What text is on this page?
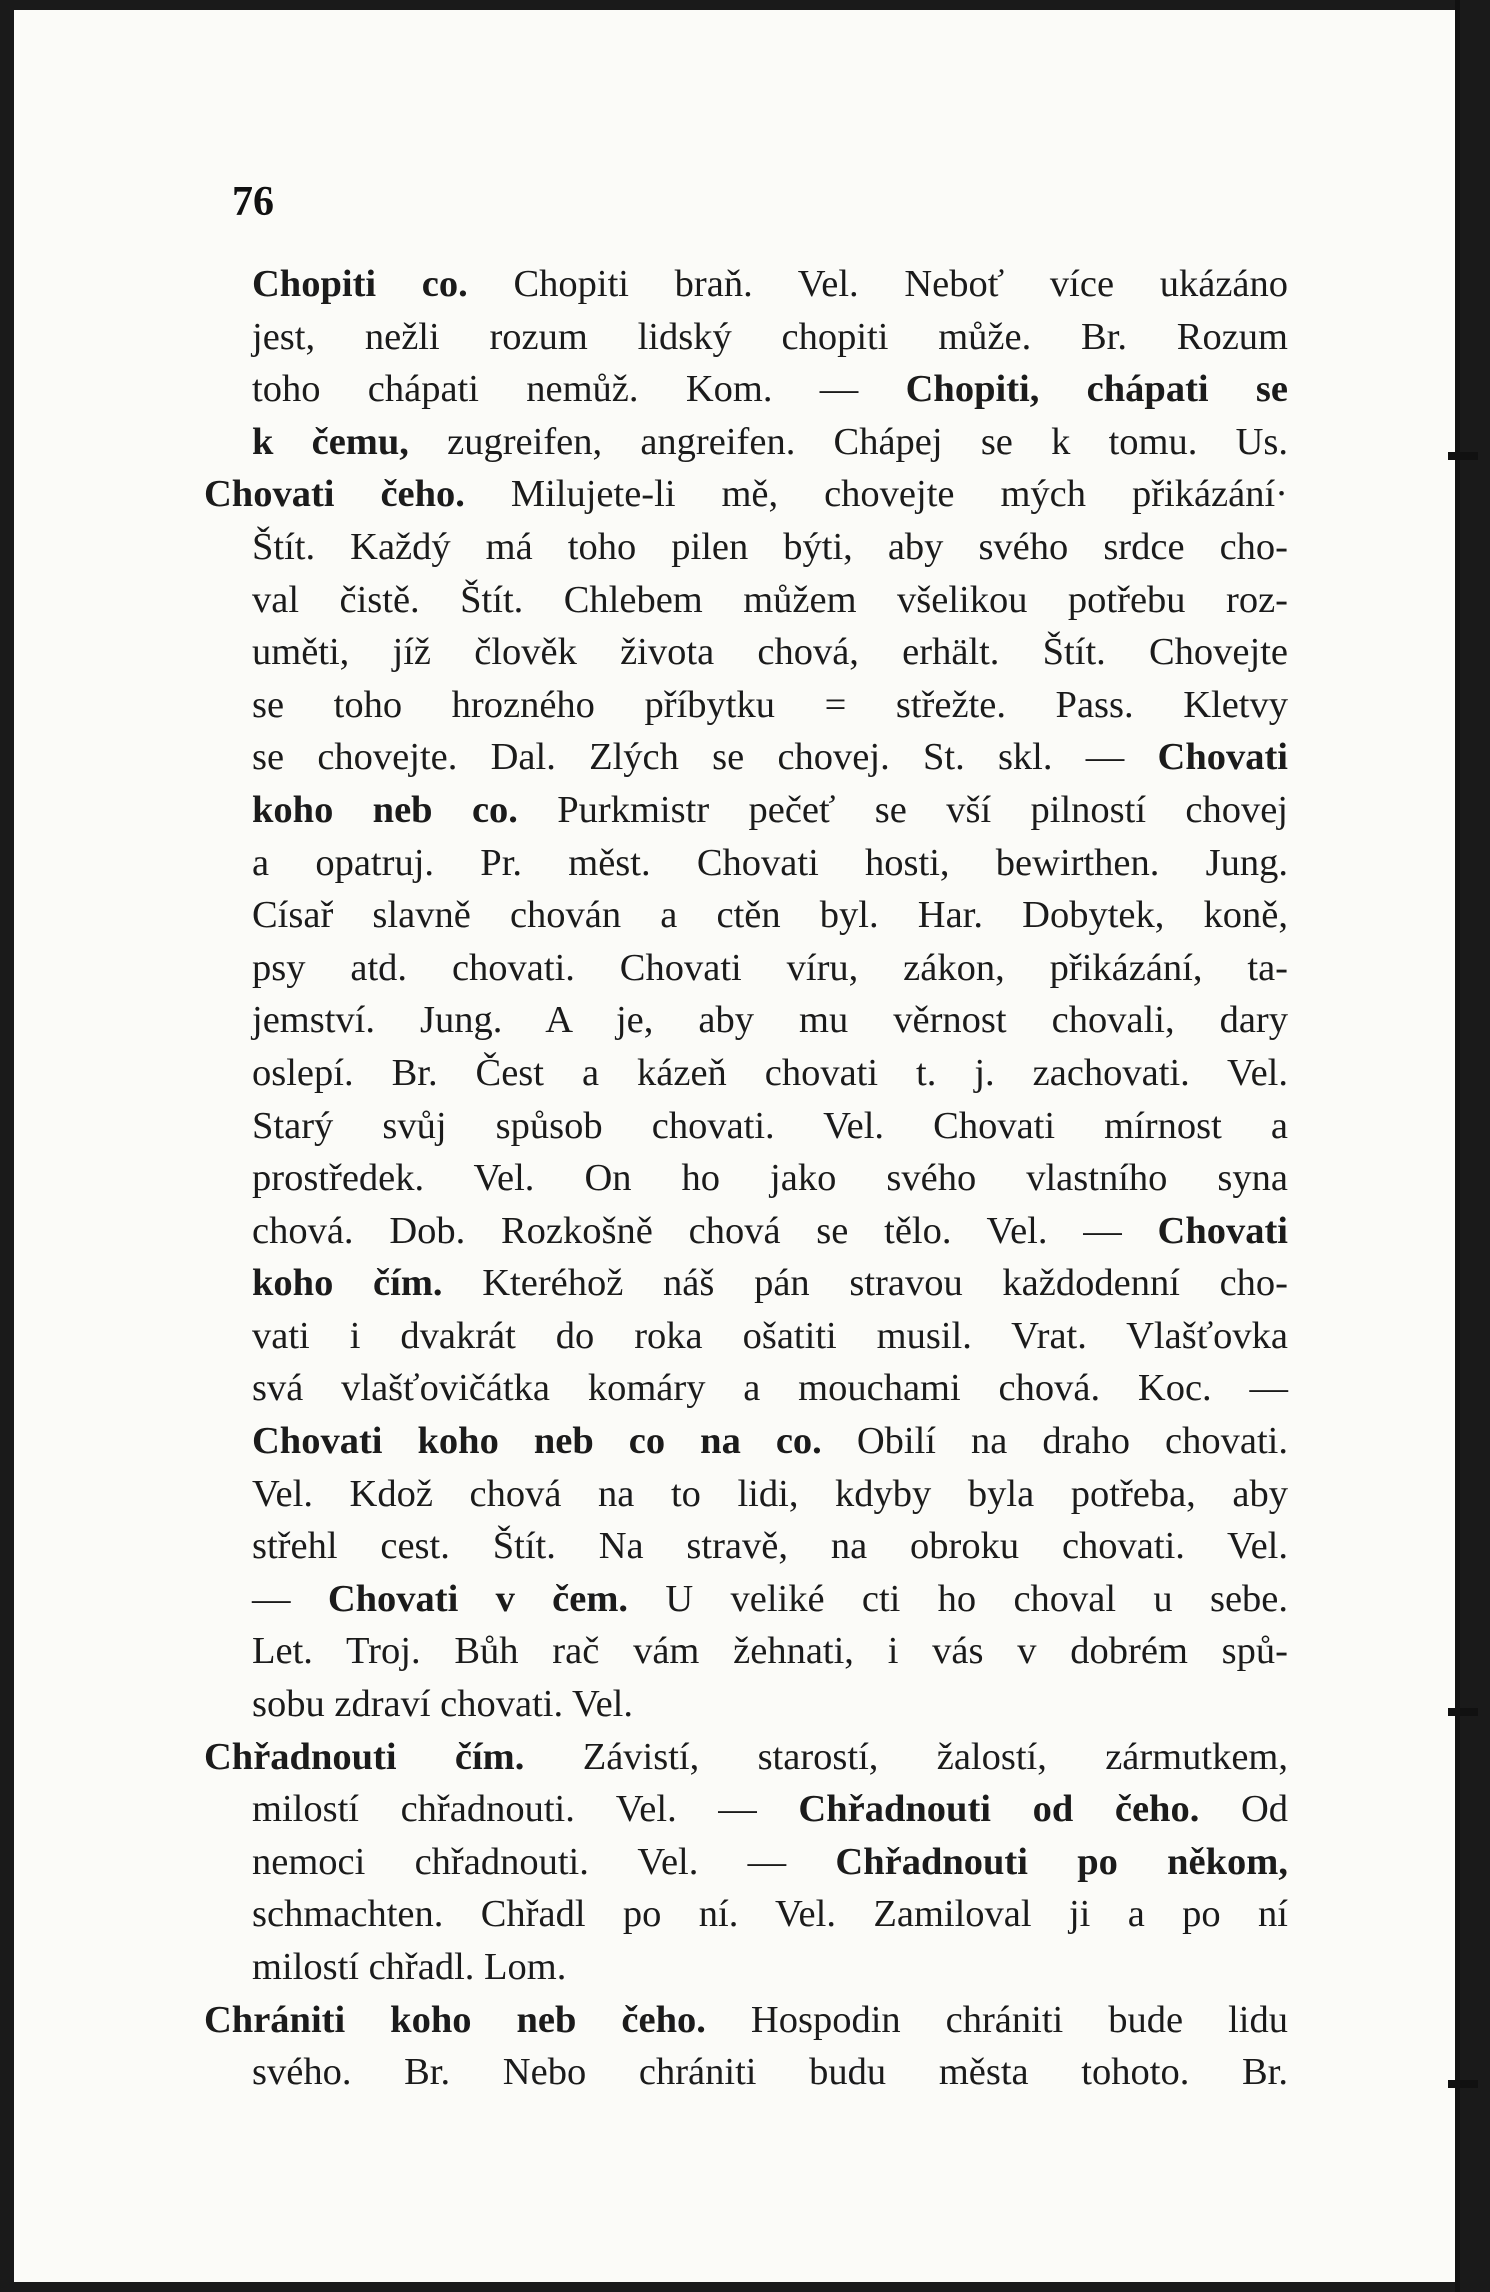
76
Chopiti co. Chopiti braň. Vel. Neboť více ukázáno
jest, nežli rozum lidský chopiti může. Br. Rozum
toho chápati nemůž. Kom. — Chopiti, chápati se
k čemu, zugreifen, angreifen. Chápej se k tomu. Us.
Chovati čeho. Milujete-li mě, chovejte mých přikázání·
Štít. Každý má toho pilen býti, aby svého srdce cho-
val čistě. Štít. Chlebem můžem všelikou potřebu roz-
uměti, jíž člověk života chová, erhält. Štít. Chovejte
se toho hrozného příbytku = střežte. Pass. Kletvy
se chovejte. Dal. Zlých se chovej. St. skl. — Chovati
koho neb co. Purkmistr pečeť se vší pilností chovej
a opatruj. Pr. měst. Chovati hosti, bewirthen. Jung.
Císař slavně chován a ctěn byl. Har. Dobytek, koně,
psy atd. chovati. Chovati víru, zákon, přikázání, ta-
jemství. Jung. A je, aby mu věrnost chovali, dary
oslepí. Br. Čest a kázeň chovati t. j. zachovati. Vel.
Starý svůj spůsob chovati. Vel. Chovati mírnost a
prostředek. Vel. On ho jako svého vlastního syna
chová. Dob. Rozkošně chová se tělo. Vel. — Chovati
koho čím. Kteréhož náš pán stravou každodenní cho-
vati i dvakrát do roka ošatiti musil. Vrat. Vlašťovka
svá vlašťovičátka komáry a mouchami chová. Koc. —
Chovati koho neb co na co. Obilí na draho chovati.
Vel. Kdož chová na to lidi, kdyby byla potřeba, aby
střehl cest. Štít. Na stravě, na obroku chovati. Vel.
— Chovati v čem. U veliké cti ho choval u sebe.
Let. Troj. Bůh rač vám žehnati, i vás v dobrém spů-
sobu zdraví chovati. Vel.
Chřadnouti čím. Závistí, starostí, žalostí, zármutkem,
milostí chřadnouti. Vel. — Chřadnouti od čeho. Od
nemoci chřadnouti. Vel. — Chřadnouti po někom,
schmachten. Chřadl po ní. Vel. Zamiloval ji a po ní
milostí chřadl. Lom.
Chrániti koho neb čeho. Hospodin chrániti bude lidu
svého. Br. Nebo chrániti budu města tohoto. Br.
